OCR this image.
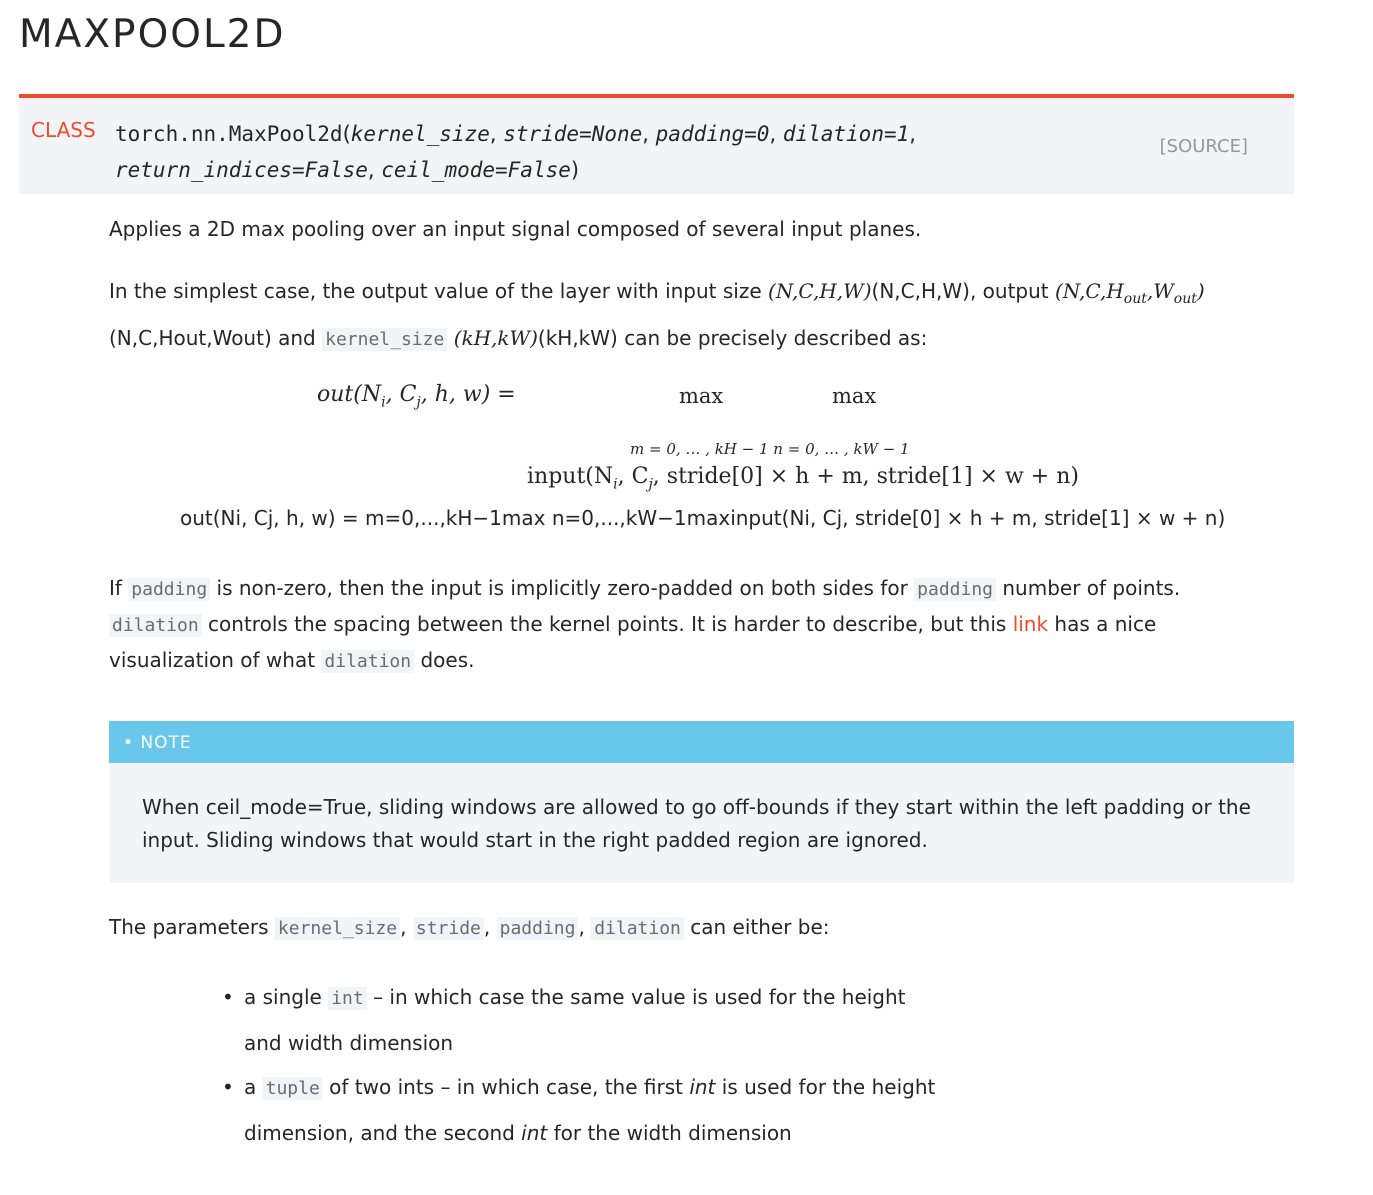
MAXPOOL2D
CLASS torch.nn.MaxPool2d(kernel_size, stride=None, padding=0, dilation=1,
return_indices=False, ceil_mode=False)
[SOURCE]

Applies a 2D max pooling over an input signal composed of several input planes.

In the simplest case, the output value of the layer with input size (N,C,H,W)(N,C,H,W), output $(N,C,H_{out},W_{out})$
(N,C,Hout,Wout) and kernel_size (kH,kW)(kH,kW) can be precisely described as:

$out(N_i$, $C_j$, h, w) =	max	max
m = 0, … , kH − 1 n = 0, … , kW − 1
$input(N_i$, $C_j$, stride[0] × h + m, stride[1] × w + n)
out(Ni, Cj, h, w) = m=0,...,kH−1max n=0,...,kW−1maxinput(Ni, Cj, stride[0] × h + m, stride[1] × w + n)

If padding is non-zero, then the input is implicitly zero-padded on both sides for padding number of points. dilation controls the spacing between the kernel points. It is harder to describe, but this link has a nice visualization of what dilation does.

• NOTE
When ceil_mode=True, sliding windows are allowed to go off-bounds if they start within the left padding or the input. Sliding windows that would start in the right padded region are ignored.

The parameters kernel_size , stride , padding , dilation can either be:

• a single int – in which case the same value is used for the height and width dimension
• a tuple of two ints – in which case, the first int is used for the height dimension, and the second int for the width dimension
